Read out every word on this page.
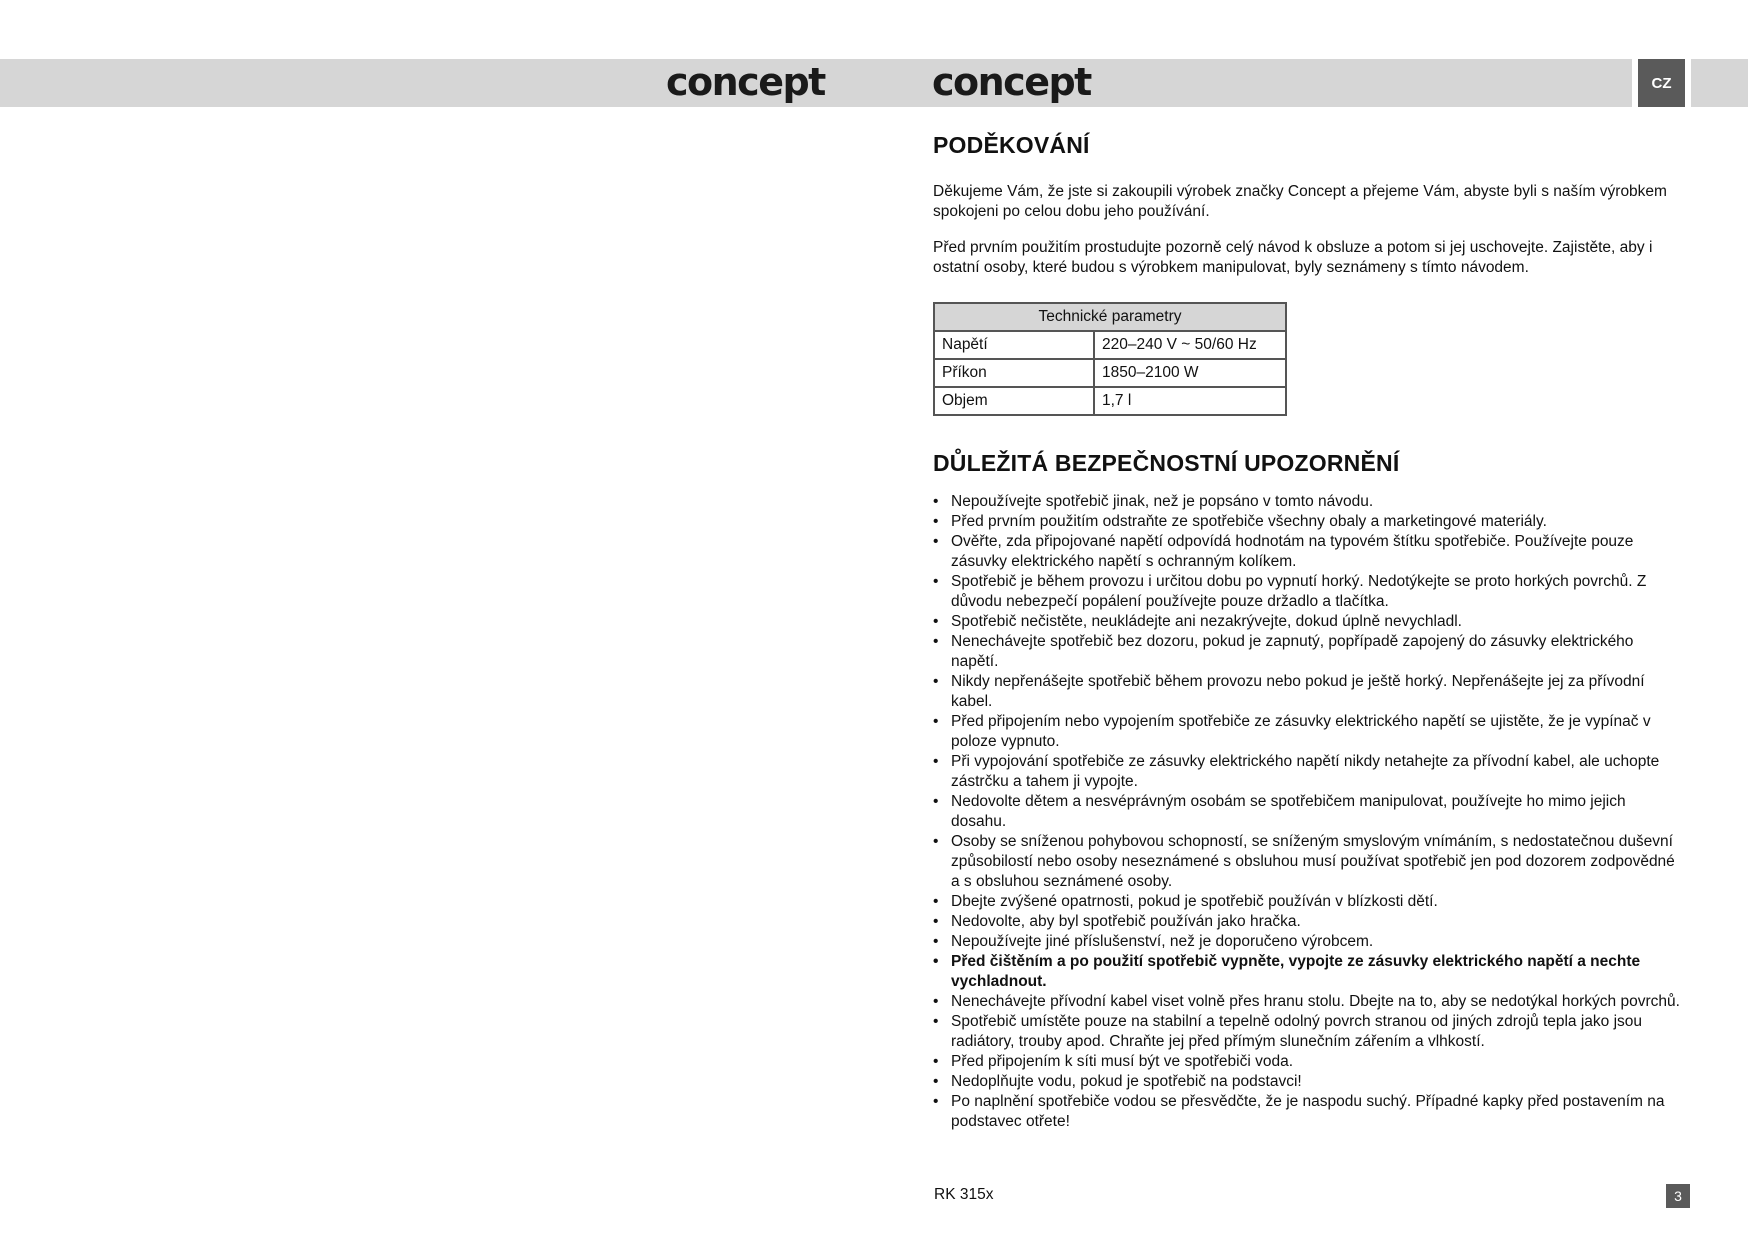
concept	concept	CZ
PODĚKOVÁNÍ

Děkujeme Vám, že jste si zakoupili výrobek značky Concept a přejeme Vám, abyste byli s naším výrobkem spokojeni po celou dobu jeho používání.

Před prvním použitím prostudujte pozorně celý návod k obsluze a potom si jej uschovejte. Zajistěte, aby i ostatní osoby, které budou s výrobkem manipulovat, byly seznámeny s tímto návodem.

Technické parametry	
Napětí	220–240 V ~ 50/60 Hz
Příkon	1850–2100 W
Objem	1,7 l
DŮLEŽITÁ BEZPEČNOSTNÍ UPOZORNĚNÍ
• Nepoužívejte spotřebič jinak, než je popsáno v tomto návodu.
• Před prvním použitím odstraňte ze spotřebiče všechny obaly a marketingové materiály.
• Ověřte, zda připojované napětí odpovídá hodnotám na typovém štítku spotřebiče. Používejte pouze zásuvky elektrického napětí s ochranným kolíkem.
• Spotřebič je během provozu i určitou dobu po vypnutí horký. Nedotýkejte se proto horkých povrchů. Z důvodu nebezpečí popálení používejte pouze držadlo a tlačítka.
• Spotřebič nečistěte, neukládejte ani nezakrývejte, dokud úplně nevychladl.
• Nenechávejte spotřebič bez dozoru, pokud je zapnutý, popřípadě zapojený do zásuvky elektrického napětí.
• Nikdy nepřenášejte spotřebič během provozu nebo pokud je ještě horký. Nepřenášejte jej za přívodní kabel.
• Před připojením nebo vypojením spotřebiče ze zásuvky elektrického napětí se ujistěte, že je vypínač v poloze vypnuto.
• Při vypojování spotřebiče ze zásuvky elektrického napětí nikdy netahejte za přívodní kabel, ale uchopte zástrčku a tahem ji vypojte.
• Nedovolte dětem a nesvéprávným osobám se spotřebičem manipulovat, používejte ho mimo jejich dosahu.
• Osoby se sníženou pohybovou schopností, se sníženým smyslovým vnímáním, s nedostatečnou duševní způsobilostí nebo osoby neseznámené s obsluhou musí používat spotřebič jen pod dozorem zodpovědné a s obsluhou seznámené osoby.
• Dbejte zvýšené opatrnosti, pokud je spotřebič používán v blízkosti dětí.
• Nedovolte, aby byl spotřebič používán jako hračka.
• Nepoužívejte jiné příslušenství, než je doporučeno výrobcem.
• Před čištěním a po použití spotřebič vypněte, vypojte ze zásuvky elektrického napětí a nechte vychladnout.
• Nenechávejte přívodní kabel viset volně přes hranu stolu. Dbejte na to, aby se nedotýkal horkých povrchů.
• Spotřebič umístěte pouze na stabilní a tepelně odolný povrch stranou od jiných zdrojů tepla jako jsou radiátory, trouby apod. Chraňte jej před přímým slunečním zářením a vlhkostí.
• Před připojením k síti musí být ve spotřebiči voda.
• Nedoplňujte vodu, pokud je spotřebič na podstavci!
• Po naplnění spotřebiče vodou se přesvědčte, že je naspodu suchý. Případné kapky před postavením na podstavec otřete!
RK 315x	3
